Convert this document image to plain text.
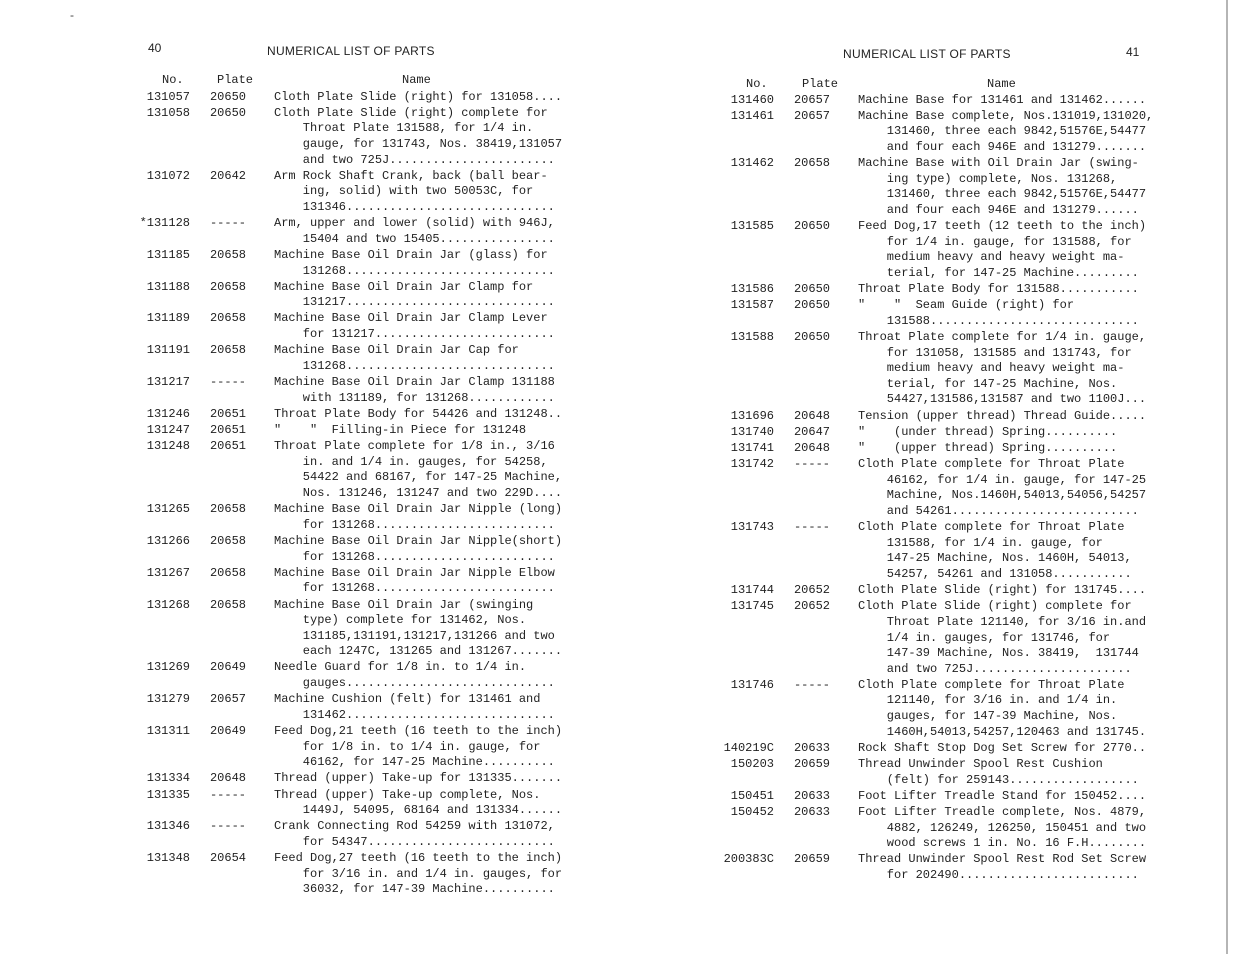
-
40	NUMERICAL LIST OF PARTS
No.	Plate	Name
131057	20650	Cloth Plate Slide (right) for 131058....
131058	20650	Cloth Plate Slide (right) complete for
Throat Plate 131588, for 1/4 in.
gauge, for 131743, Nos. 38419,131057
and two 725J.......................
131072	20642	Arm Rock Shaft Crank, back (ball bear-
ing, solid) with two 50053C, for
131346.............................
*131128	-----	Arm, upper and lower (solid) with 946J,
15404 and two 15405................
131185	20658	Machine Base Oil Drain Jar (glass) for
131268.............................
131188	20658	Machine Base Oil Drain Jar Clamp for
131217.............................
131189	20658	Machine Base Oil Drain Jar Clamp Lever
for 131217.........................
131191	20658	Machine Base Oil Drain Jar Cap for
131268.............................
131217	-----	Machine Base Oil Drain Jar Clamp 131188
with 131189, for 131268............
131246	20651	Throat Plate Body for 54426 and 131248..
131247	20651	"    "  Filling-in Piece for 131248
131248	20651	Throat Plate complete for 1/8 in., 3/16
in. and 1/4 in. gauges, for 54258,
54422 and 68167, for 147-25 Machine,
Nos. 131246, 131247 and two 229D....
131265	20658	Machine Base Oil Drain Jar Nipple (long)
for 131268.........................
131266	20658	Machine Base Oil Drain Jar Nipple(short)
for 131268.........................
131267	20658	Machine Base Oil Drain Jar Nipple Elbow
for 131268.........................
131268	20658	Machine Base Oil Drain Jar (swinging
type) complete for 131462, Nos.
131185,131191,131217,131266 and two
each 1247C, 131265 and 131267.......
131269	20649	Needle Guard for 1/8 in. to 1/4 in.
gauges.............................
131279	20657	Machine Cushion (felt) for 131461 and
131462.............................
131311	20649	Feed Dog,21 teeth (16 teeth to the inch)
for 1/8 in. to 1/4 in. gauge, for
46162, for 147-25 Machine..........
131334	20648	Thread (upper) Take-up for 131335.......
131335	-----	Thread (upper) Take-up complete, Nos.
1449J, 54095, 68164 and 131334......
131346	-----	Crank Connecting Rod 54259 with 131072,
for 54347..........................
131348	20654	Feed Dog,27 teeth (16 teeth to the inch)
for 3/16 in. and 1/4 in. gauges, for
36032, for 147-39 Machine..........
41
NUMERICAL LIST OF PARTS
No.	Plate	Name
131460	20657	Machine Base for 131461 and 131462......
131461	20657	Machine Base complete, Nos.131019,131020,
131460, three each 9842,51576E,54477
and four each 946E and 131279.......
131462	20658	Machine Base with Oil Drain Jar (swing-
ing type) complete, Nos. 131268,
131460, three each 9842,51576E,54477
and four each 946E and 131279......
131585	20650	Feed Dog,17 teeth (12 teeth to the inch)
for 1/4 in. gauge, for 131588, for
medium heavy and heavy weight ma-
terial, for 147-25 Machine.........
131586	20650	Throat Plate Body for 131588...........
131587	20650	"    "  Seam Guide (right) for
131588.............................
131588	20650	Throat Plate complete for 1/4 in. gauge,
for 131058, 131585 and 131743, for
medium heavy and heavy weight ma-
terial, for 147-25 Machine, Nos.
54427,131586,131587 and two 1100J...
131696	20648	Tension (upper thread) Thread Guide.....
131740	20647	"    (under thread) Spring..........
131741	20648	"    (upper thread) Spring..........
131742	-----	Cloth Plate complete for Throat Plate
46162, for 1/4 in. gauge, for 147-25
Machine, Nos.1460H,54013,54056,54257
and 54261..........................
131743	-----	Cloth Plate complete for Throat Plate
131588, for 1/4 in. gauge, for
147-25 Machine, Nos. 1460H, 54013,
54257, 54261 and 131058...........
131744	20652	Cloth Plate Slide (right) for 131745....
131745	20652	Cloth Plate Slide (right) complete for
Throat Plate 121140, for 3/16 in.and
1/4 in. gauges, for 131746, for
147-39 Machine, Nos. 38419,  131744
and two 725J......................
131746	-----	Cloth Plate complete for Throat Plate
121140, for 3/16 in. and 1/4 in.
gauges, for 147-39 Machine, Nos.
1460H,54013,54257,120463 and 131745.
140219C	20633	Rock Shaft Stop Dog Set Screw for 2770..
150203	20659	Thread Unwinder Spool Rest Cushion
(felt) for 259143..................
150451	20633	Foot Lifter Treadle Stand for 150452....
150452	20633	Foot Lifter Treadle complete, Nos. 4879,
4882, 126249, 126250, 150451 and two
wood screws 1 in. No. 16 F.H........
200383C	20659	Thread Unwinder Spool Rest Rod Set Screw
for 202490.........................
